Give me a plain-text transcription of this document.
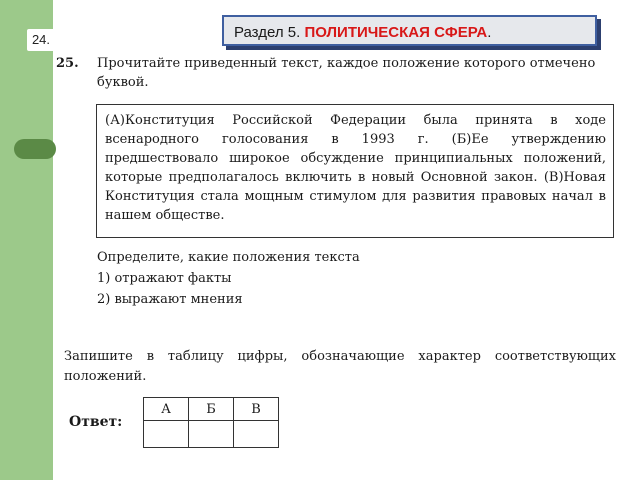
24.	Раздел 5. ПОЛИТИЧЕСКАЯ СФЕРА.
25. Прочитайте приведенный текст, каждое положение которого отмечено буквой.
(А)Конституция Российской Федерации была принята в ходе всенародного голосования в 1993 г. (Б)Ее утверждению предшествовало широкое обсуждение принципиальных положений, которые предполагалось включить в новый Основной закон. (В)Новая Конституция стала мощным стимулом для развития правовых начал в нашем обществе.
Определите, какие положения текста
1) отражают факты
2) выражают мнения
Запишите в таблицу цифры, обозначающие характер соответствующих положений.
Ответ:
А	Б	В
